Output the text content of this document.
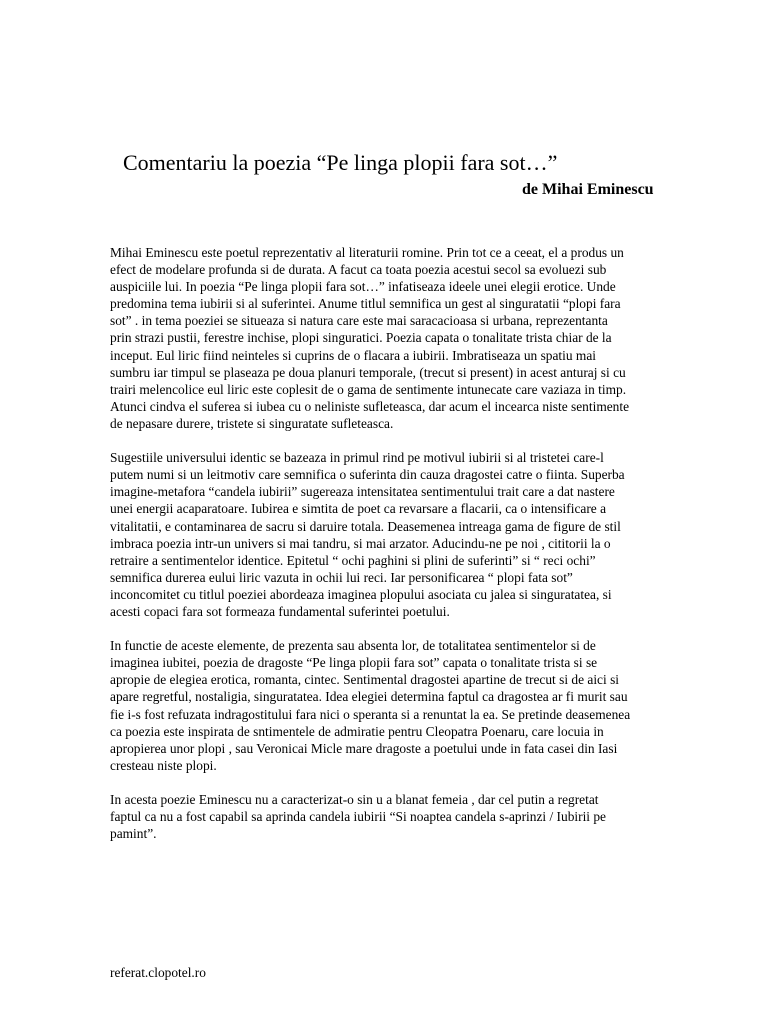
Comentariu la poezia “Pe linga plopii fara sot…”
de Mihai Eminescu

Mihai Eminescu este poetul reprezentativ al literaturii romine. Prin tot ce a ceeat, el a produs un
efect de modelare profunda si de durata. A facut ca toata poezia acestui secol sa evoluezi sub
auspiciile lui. In poezia “Pe linga plopii fara sot…” infatiseaza ideele unei elegii erotice. Unde
predomina tema iubirii si al suferintei. Anume titlul semnifica un gest al singuratatii “plopi fara
sot” . in tema poeziei se situeaza si natura care este mai saracacioasa si urbana, reprezentanta
prin strazi pustii, ferestre inchise, plopi singuratici. Poezia capata o tonalitate trista chiar de la
inceput. Eul liric fiind neinteles si cuprins de o flacara a iubirii. Imbratiseaza un spatiu mai
sumbru iar timpul se plaseaza pe doua planuri temporale, (trecut si present) in acest anturaj si cu
trairi melencolice eul liric este coplesit de o gama de sentimente intunecate care vaziaza in timp.
Atunci cindva el suferea si iubea cu o neliniste sufleteasca, dar acum el incearca niste sentimente
de nepasare durere, tristete si singuratate sufleteasca.

Sugestiile universului identic se bazeaza in primul rind pe motivul iubirii si al tristetei care-l
putem numi si un leitmotiv care semnifica o suferinta din cauza dragostei catre o fiinta. Superba
imagine-metafora “candela iubirii” sugereaza intensitatea sentimentului trait care a dat nastere
unei energii acaparatoare. Iubirea e simtita de poet ca revarsare a flacarii, ca o intensificare a
vitalitatii, e contaminarea de sacru si daruire totala. Deasemenea intreaga gama de figure de stil
imbraca poezia intr-un univers si mai tandru, si mai arzator. Aducindu-ne pe noi , cititorii la o
retraire a sentimentelor identice. Epitetul “ ochi paghini si plini de suferinti” si “ reci ochi”
semnifica durerea eului liric vazuta in ochii lui reci. Iar personificarea “ plopi fata sot”
inconcomitet cu titlul poeziei abordeaza imaginea plopului asociata cu jalea si singuratatea, si
acesti copaci fara sot formeaza fundamental suferintei poetului.

In functie de aceste elemente, de prezenta sau absenta lor, de totalitatea sentimentelor si de
imaginea iubitei, poezia de dragoste “Pe linga plopii fara sot” capata o tonalitate trista si se
apropie de elegiea erotica, romanta, cintec. Sentimental dragostei apartine de trecut si de aici si
apare regretful, nostaligia, singuratatea. Idea elegiei determina faptul ca dragostea ar fi murit sau
fie i-s fost refuzata indragostitului fara nici o speranta si a renuntat la ea. Se pretinde deasemenea
ca poezia este inspirata de sntimentele de admiratie pentru Cleopatra Poenaru, care locuia in
apropierea unor plopi , sau Veronicai Micle mare dragoste a poetului unde in fata casei din Iasi
cresteau niste plopi.

In acesta poezie Eminescu nu a caracterizat-o sin u a blanat femeia , dar cel putin a regretat
faptul ca nu a fost capabil sa aprinda candela iubirii “Si noaptea candela s-aprinzi / Iubirii pe
pamint”.

referat.clopotel.ro
